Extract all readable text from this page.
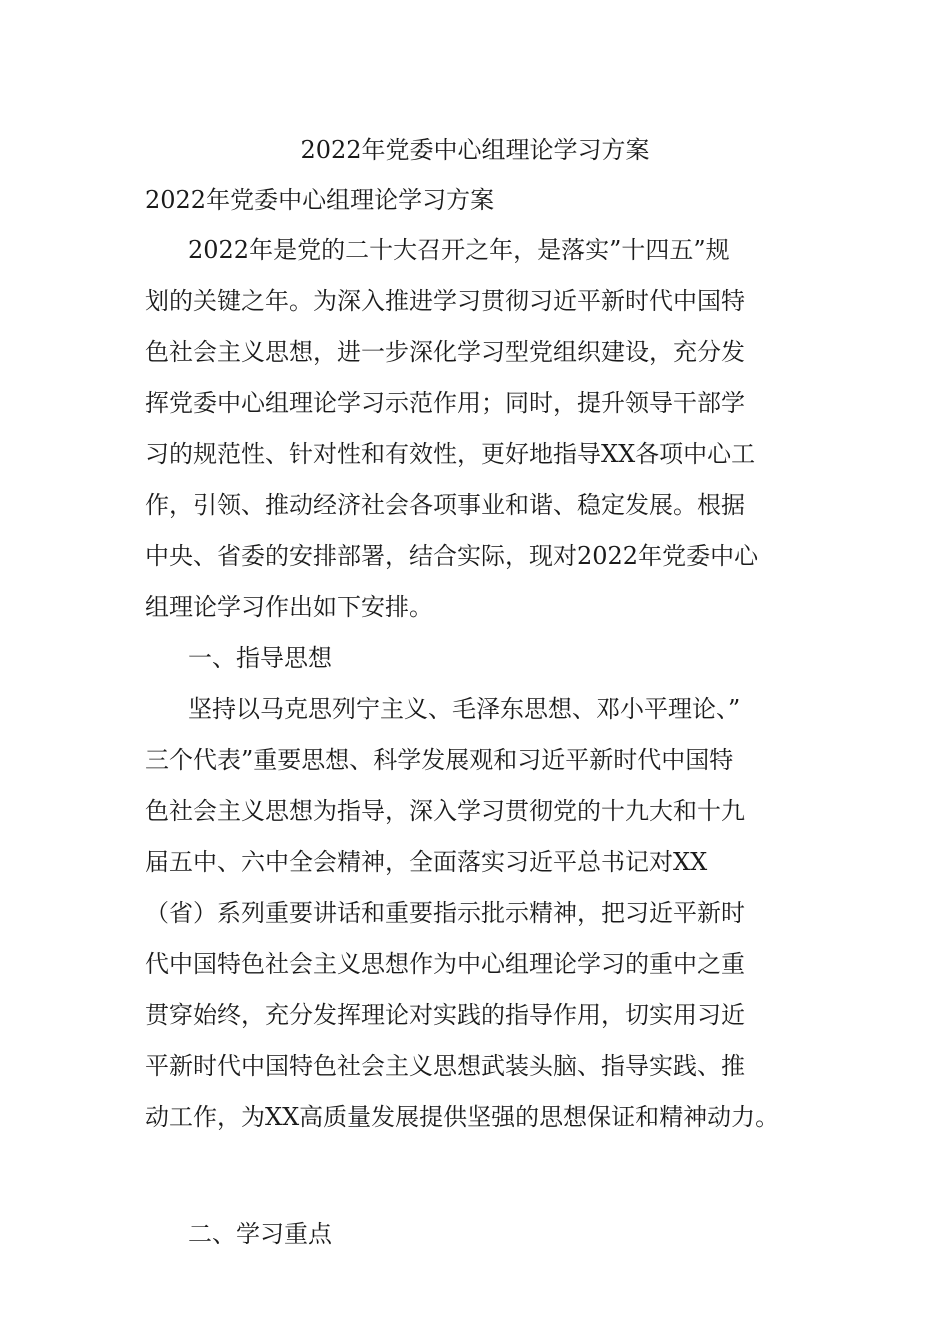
2022年党委中心组理论学习方案
2022年党委中心组理论学习方案
2022年是党的二十大召开之年，是落实”十四五”规
划的关键之年。为深入推进学习贯彻习近平新时代中国特
色社会主义思想，进一步深化学习型党组织建设，充分发
挥党委中心组理论学习示范作用；同时，提升领导干部学
习的规范性、针对性和有效性，更好地指导XX各项中心工
作，引领、推动经济社会各项事业和谐、稳定发展。根据
中央、省委的安排部署，结合实际，现对2022年党委中心
组理论学习作出如下安排。
一、指导思想
坚持以马克思列宁主义、毛泽东思想、邓小平理论、”
三个代表”重要思想、科学发展观和习近平新时代中国特
色社会主义思想为指导，深入学习贯彻党的十九大和十九
届五中、六中全会精神，全面落实习近平总书记对XX
（省）系列重要讲话和重要指示批示精神，把习近平新时
代中国特色社会主义思想作为中心组理论学习的重中之重
贯穿始终，充分发挥理论对实践的指导作用，切实用习近
平新时代中国特色社会主义思想武装头脑、指导实践、推
动工作，为XX高质量发展提供坚强的思想保证和精神动力。
二、学习重点
